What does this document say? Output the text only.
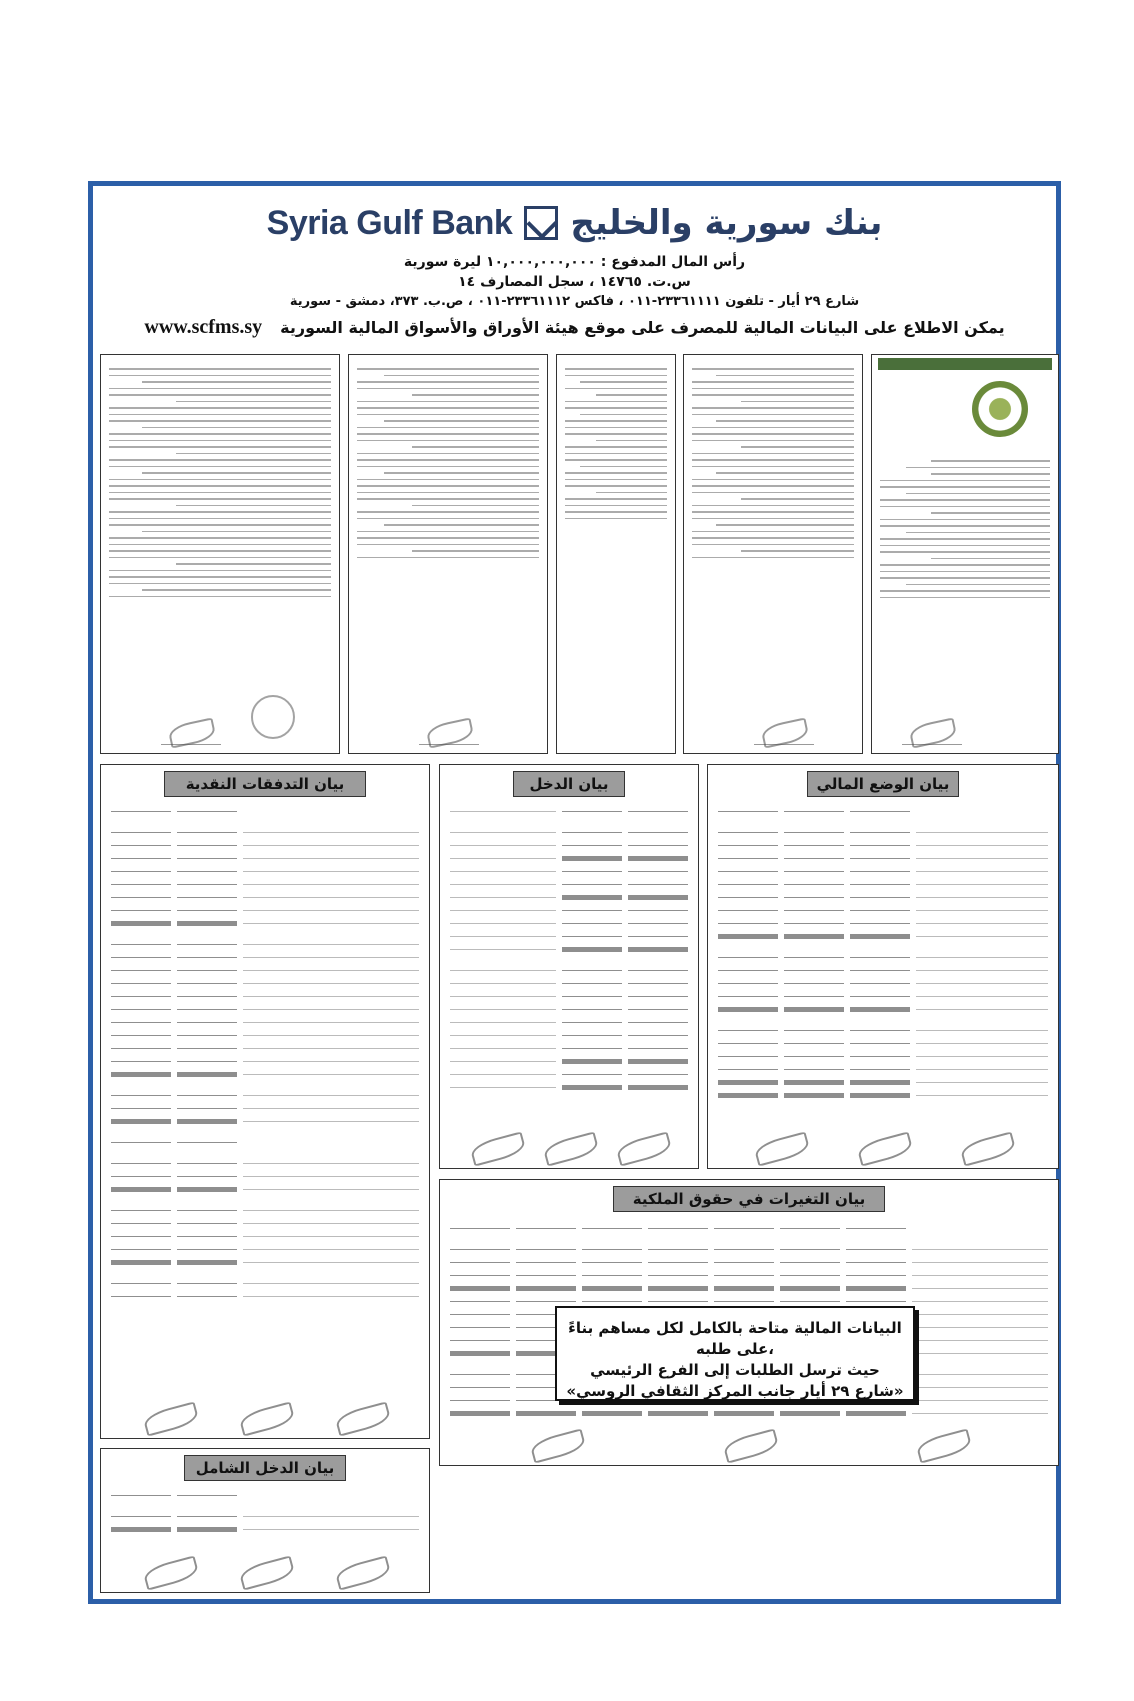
Syria Gulf Bank بنك سورية والخليج
رأس المال المدفوع : ١٠,٠٠٠,٠٠٠,٠٠٠ ليرة سورية
س.ت. ١٤٧٦٥ ، سجل المصارف ١٤
شارع ٢٩ أيار - تلفون ٢٣٣٦١١١١-٠١١ ، فاكس ٢٣٣٦١١١٢-٠١١ ، ص.ب. ٣٧٣، دمشق - سورية
www.scfms.sy يمكن الاطلاع على البيانات المالية للمصرف على موقع هيئة الأوراق والأسواق المالية السورية
بيان التدفقات النقدية	بيان الدخل	بيان الوضع المالي
بيان التغيرات في حقوق الملكية
بيان الدخل الشامل
البيانات المالية متاحة بالكامل لكل مساهم بناءً على طلبه،
حيث ترسل الطلبات إلى الفرع الرئيسي
«شارع ٢٩ أيار جانب المركز الثقافي الروسي»
